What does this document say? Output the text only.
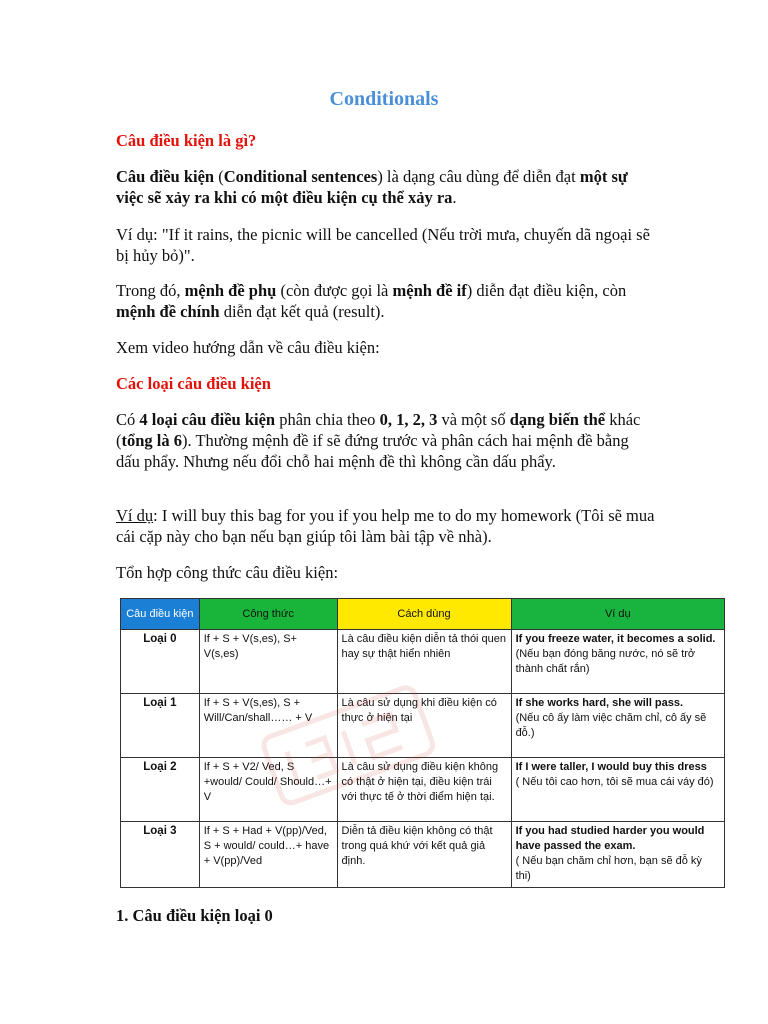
Conditionals
Câu điều kiện là gì?
Câu điều kiện (Conditional sentences) là dạng câu dùng để diễn đạt một sự việc sẽ xảy ra khi có một điều kiện cụ thể xảy ra.
Ví dụ: "If it rains, the picnic will be cancelled (Nếu trời mưa, chuyến dã ngoại sẽ bị hủy bỏ)".
Trong đó, mệnh đề phụ (còn được gọi là mệnh đề if) diễn đạt điều kiện, còn mệnh đề chính diễn đạt kết quả (result).
Xem video hướng dẫn về câu điều kiện:
Các loại câu điều kiện
Có 4 loại câu điều kiện phân chia theo 0, 1, 2, 3 và một số dạng biến thể khác (tổng là 6). Thường mệnh đề if sẽ đứng trước và phân cách hai mệnh đề bằng dấu phẩy. Nhưng nếu đổi chỗ hai mệnh đề thì không cần dấu phẩy.
Ví dụ: I will buy this bag for you if you help me to do my homework (Tôi sẽ mua cái cặp này cho bạn nếu bạn giúp tôi làm bài tập về nhà).
Tổn hợp công thức câu điều kiện:
Câu điều kiện	Công thức	Cách dùng	Ví dụ
Loại 0	If + S + V(s,es), S+ V(s,es)	Là câu điều kiện diễn tả thói quen hay sự thật hiển nhiên	If you freeze water, it becomes a solid.
(Nếu bạn đóng băng nước, nó sẽ trở thành chất rắn)

Loại 1	If + S + V(s,es), S + Will/Can/shall…… + V	Là câu sử dụng khi điều kiện có thực ở hiện tại	If she works hard, she will pass.
(Nếu cô ấy làm việc chăm chỉ, cô ấy sẽ đỗ.)

Loại 2	If + S + V2/ Ved, S +would/ Could/ Should…+ V	Là câu sử dụng điều kiện không có thật ở hiện tại, điều kiện trái với thực tế ở thời điểm hiện tại.	If I were taller, I would buy this dress
( Nếu tôi cao hơn, tôi sẽ mua cái váy đó)

Loại 3	If + S + Had + V(pp)/Ved, S + would/ could…+ have + V(pp)/Ved	Diễn tả điều kiện không có thật trong quá khứ với kết quả giả định.	If you had studied harder you would have passed the exam.
( Nếu bạn chăm chỉ hơn, bạn sẽ đỗ kỳ thi)
1. Câu điều kiện loại 0
